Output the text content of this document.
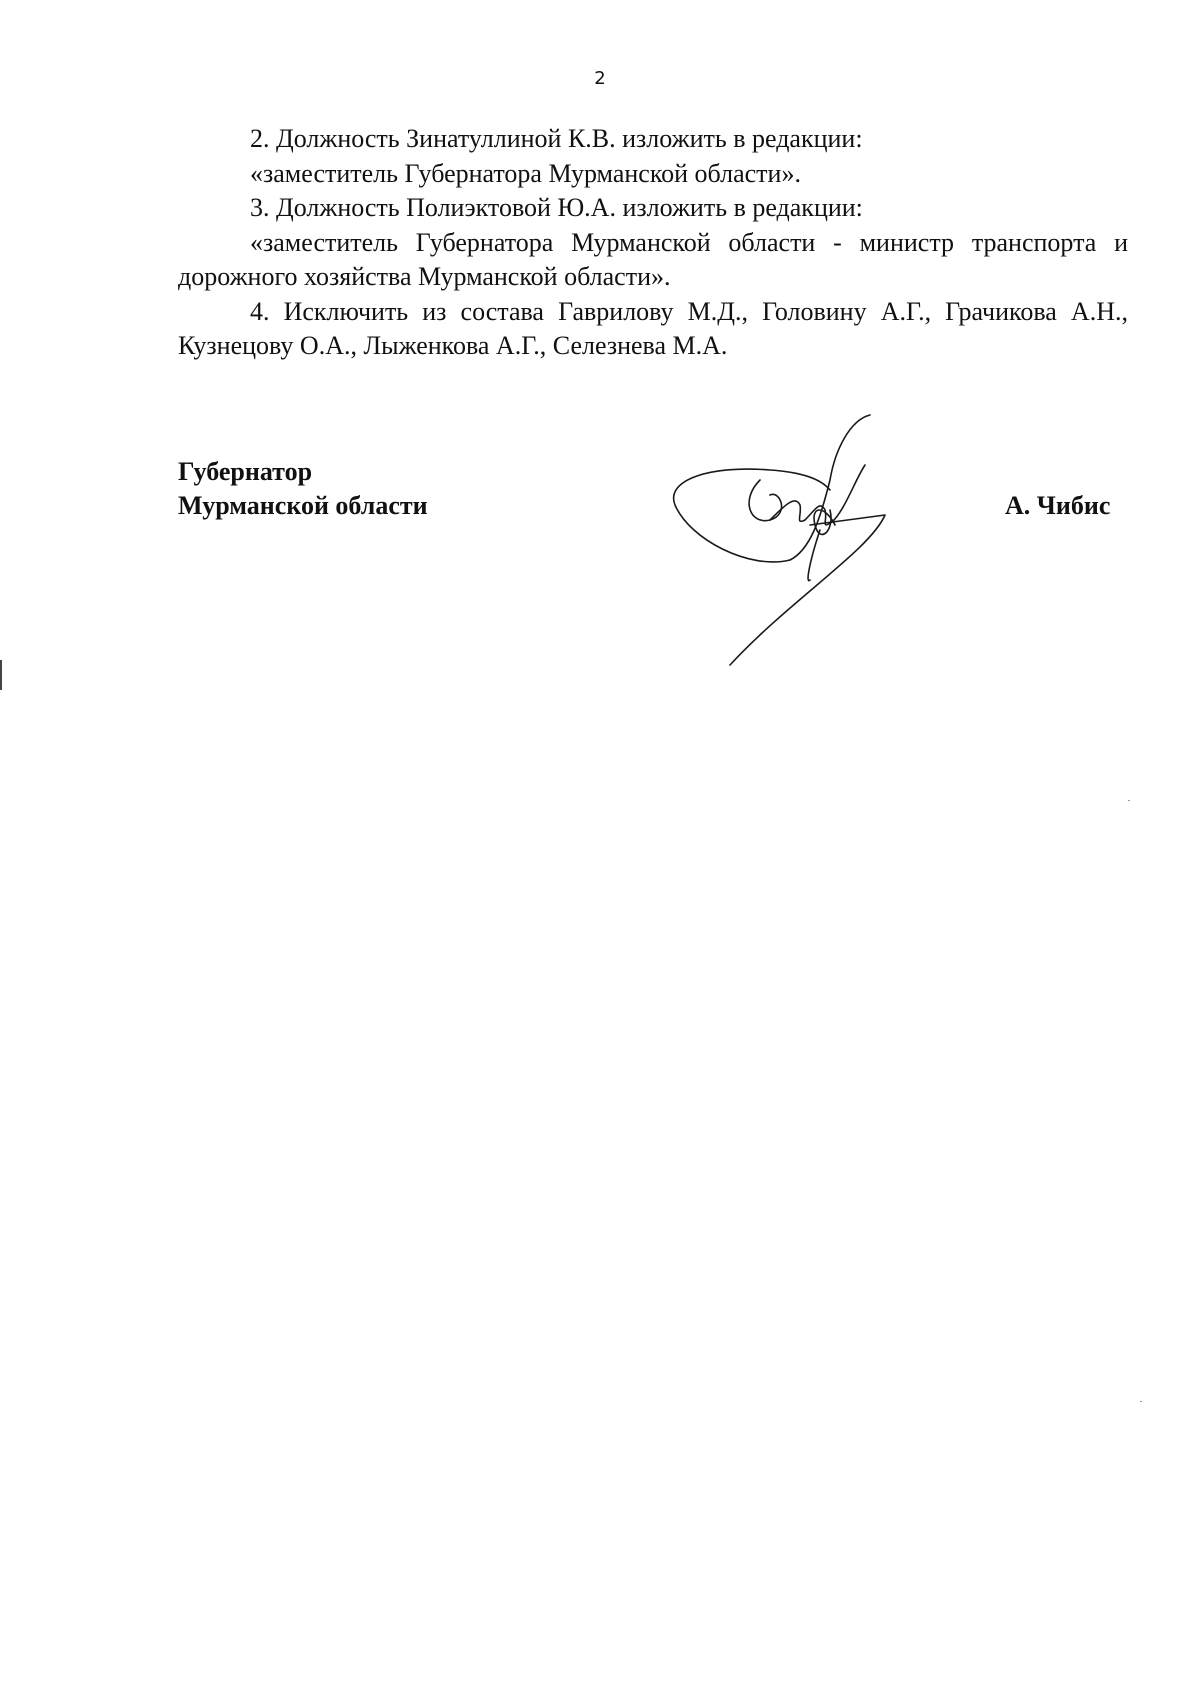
2

2. Должность Зинатуллиной К.В. изложить в редакции:

«заместитель Губернатора Мурманской области».

3. Должность Полиэктовой Ю.А. изложить в редакции:

«заместитель Губернатора Мурманской области - министр транспорта и дорожного хозяйства Мурманской области».

4. Исключить из состава Гаврилову М.Д., Головину А.Г., Грачикова А.Н., Кузнецову О.А., Лыженкова А.Г., Селезнева М.А.

Губернатор
Мурманской области	А. Чибис
